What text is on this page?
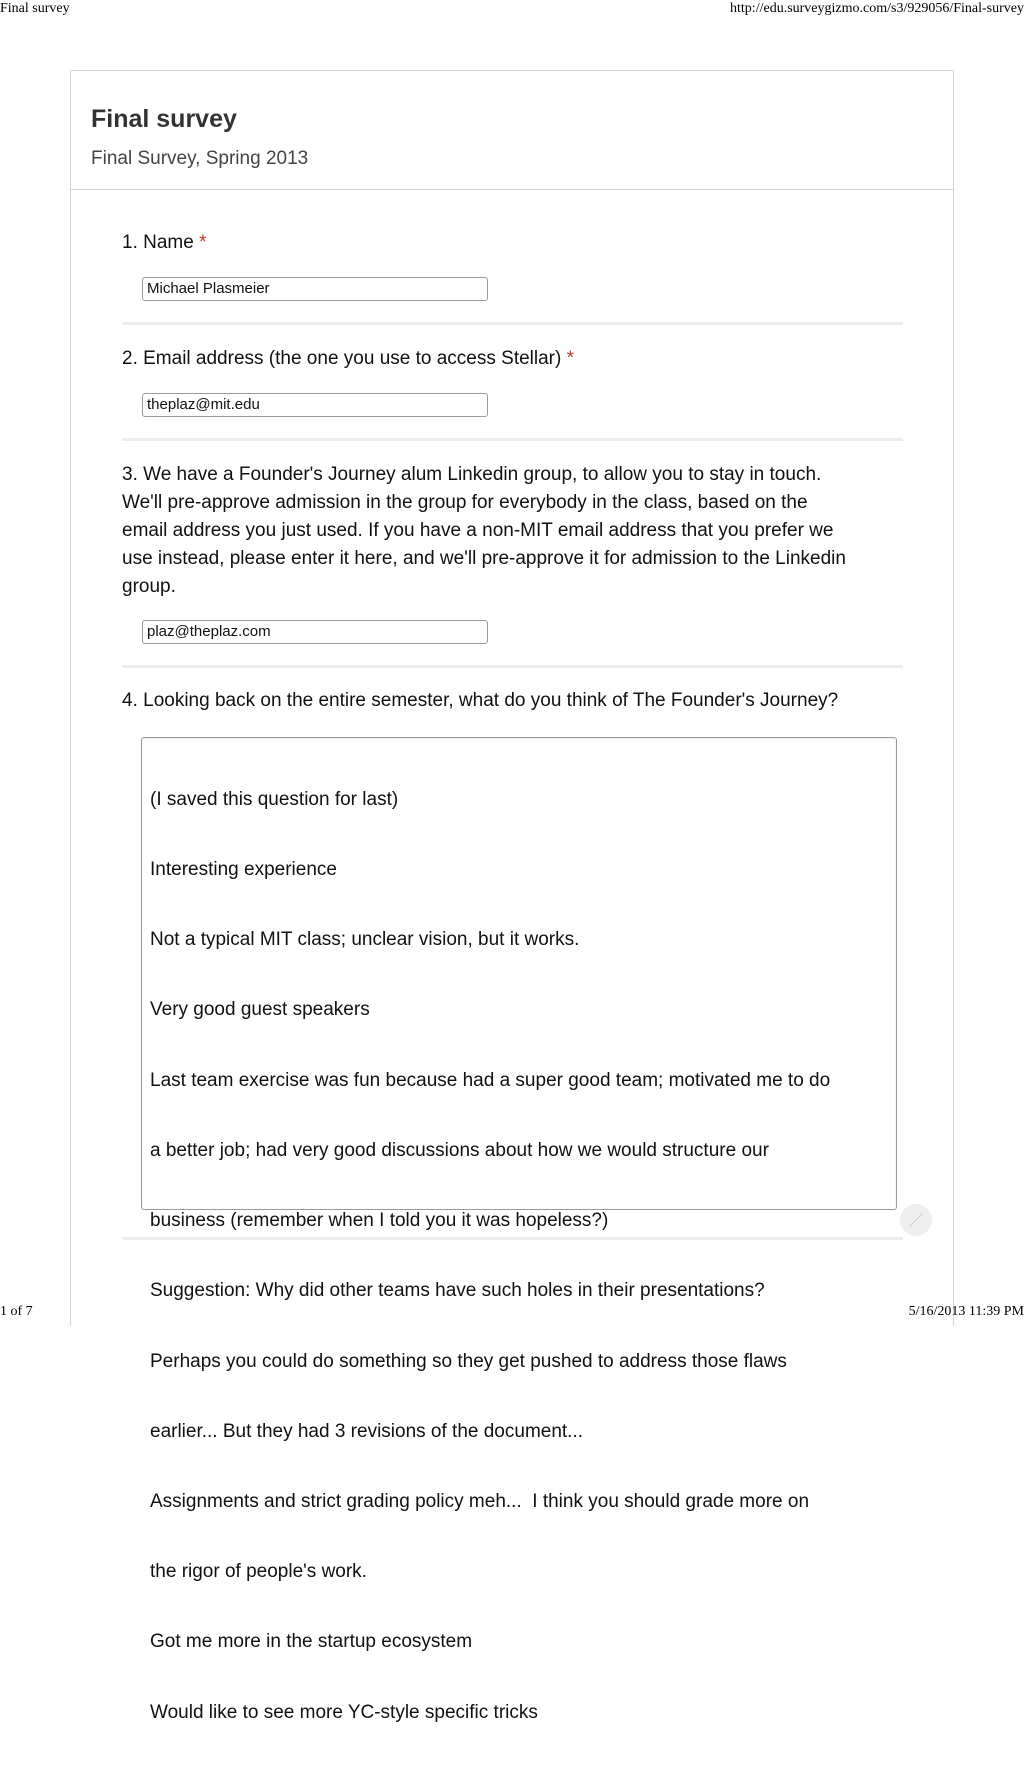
Final survey	http://edu.surveygizmo.com/s3/929056/Final-survey
Final survey
Final Survey, Spring 2013

1. Name *

Michael Plasmeier

2. Email address (the one you use to access Stellar) *

theplaz@mit.edu

3. We have a Founder's Journey alum Linkedin group, to allow you to stay in touch.
We'll pre-approve admission in the group for everybody in the class, based on the
email address you just used. If you have a non-MIT email address that you prefer we
use instead, please enter it here, and we'll pre-approve it for admission to the Linkedin
group.

plaz@theplaz.com

4. Looking back on the entire semester, what do you think of The Founder's Journey?

(I saved this question for last)

Interesting experience

Not a typical MIT class; unclear vision, but it works.

Very good guest speakers

Last team exercise was fun because had a super good team; motivated me to do

a better job; had very good discussions about how we would structure our

business (remember when I told you it was hopeless?)

Suggestion: Why did other teams have such holes in their presentations?

Perhaps you could do something so they get pushed to address those flaws

earlier... But they had 3 revisions of the document...

Assignments and strict grading policy meh...  I think you should grade more on

the rigor of people's work.

Got me more in the startup ecosystem

Would like to see more YC-style specific tricks

1 of 7	5/16/2013 11:39 PM
